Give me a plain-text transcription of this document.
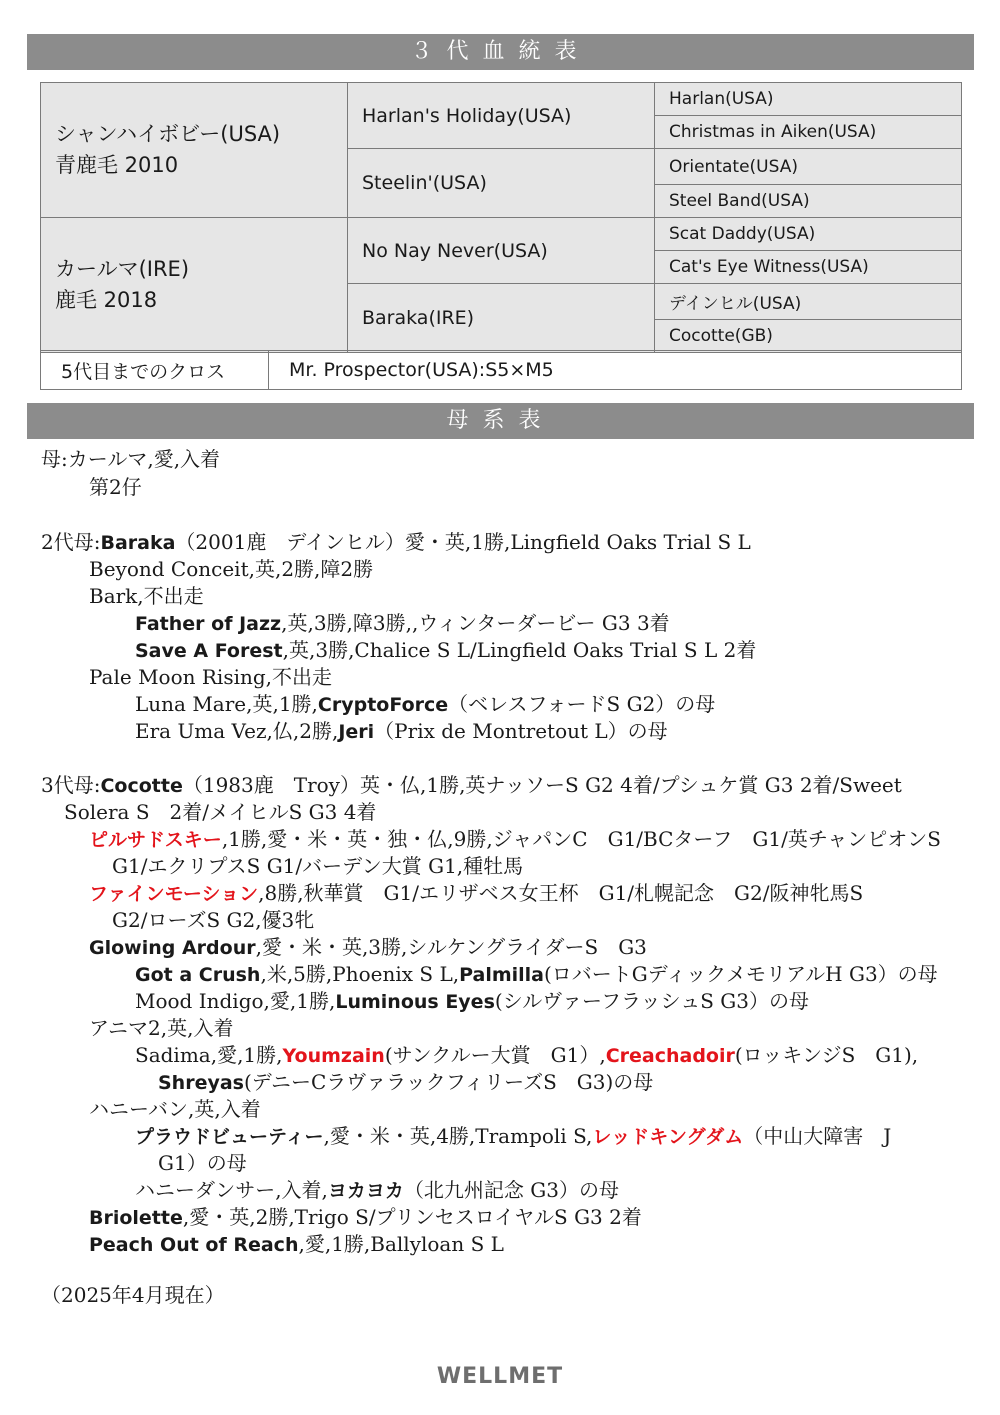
３代血統表
シャンハイボビー(USA)
青鹿毛 2010	Harlan's Holiday(USA)	Harlan(USA)
		Christmas in Aiken(USA)
	Steelin'(USA)	Orientate(USA)
		Steel Band(USA)

カールマ(IRE)
鹿毛 2018	No Nay Never(USA)	Scat Daddy(USA)
		Cat's Eye Witness(USA)
	Baraka(IRE)	デインヒル(USA)
		Cocotte(GB)
5代目までのクロス	Mr. Prospector(USA):S5×M5
母系表
母:カールマ,愛,入着
第2仔
2代母:Baraka（2001鹿　デインヒル）愛・英,1勝,Lingfield Oaks Trial S L
Beyond Conceit,英,2勝,障2勝
Bark,不出走
Father of Jazz,英,3勝,障3勝,,ウィンターダービー G3 3着
Save A Forest,英,3勝,Chalice S L/Lingfield Oaks Trial S L 2着
Pale Moon Rising,不出走
Luna Mare,英,1勝,CryptoForce（ベレスフォードS G2）の母
Era Uma Vez,仏,2勝,Jeri（Prix de Montretout L）の母
3代母:Cocotte（1983鹿　Troy）英・仏,1勝,英ナッソーS G2 4着/プシュケ賞 G3 2着/Sweet
Solera S　2着/メイヒルS G3 4着
ピルサドスキー,1勝,愛・米・英・独・仏,9勝,ジャパンC　G1/BCターフ　G1/英チャンピオンS
G1/エクリプスS G1/バーデン大賞 G1,種牡馬
ファインモーション,8勝,秋華賞　G1/エリザベス女王杯　G1/札幌記念　G2/阪神牝馬S
G2/ローズS G2,優3牝
Glowing Ardour,愛・米・英,3勝,シルケングライダーS　G3
Got a Crush,米,5勝,Phoenix S L,Palmilla(ロバートGディックメモリアルH G3）の母
Mood Indigo,愛,1勝,Luminous Eyes(シルヴァーフラッシュS G3）の母
アニマ2,英,入着
Sadima,愛,1勝,Youmzain(サンクルー大賞　G1）,Creachadoir(ロッキンジS　G1),
Shreyas(デニーCラヴァラックフィリーズS　G3)の母
ハニーバン,英,入着
プラウドビューティー,愛・米・英,4勝,Trampoli S,レッドキングダム（中山大障害　J
G1）の母
ハニーダンサー,入着,ヨカヨカ（北九州記念 G3）の母
Briolette,愛・英,2勝,Trigo S/プリンセスロイヤルS G3 2着
Peach Out of Reach,愛,1勝,Ballyloan S L
（2025年4月現在）
WELLMET
